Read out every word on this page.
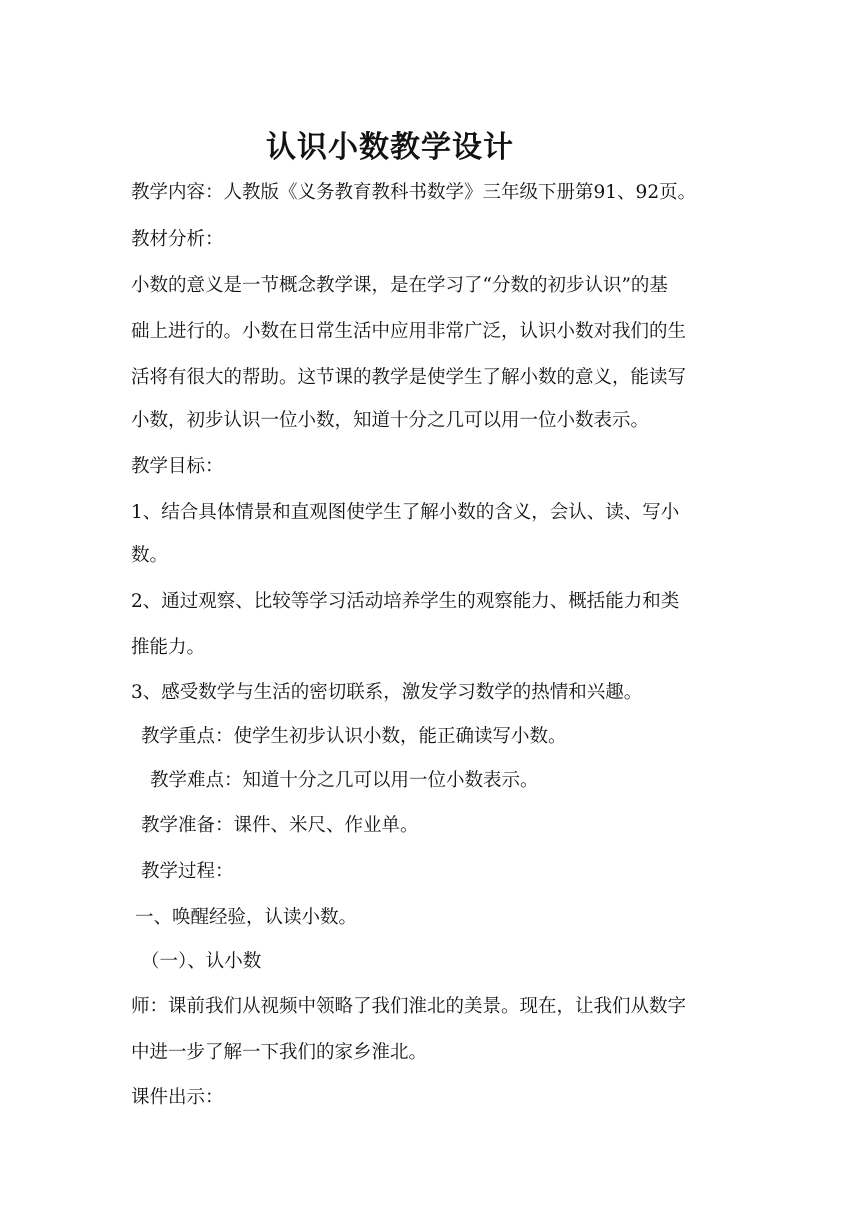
认识小数教学设计
教学内容：人教版《义务教育教科书数学》三年级下册第91、92页。
教材分析：
小数的意义是一节概念教学课，是在学习了“分数的初步认识”的基
础上进行的。小数在日常生活中应用非常广泛，认识小数对我们的生
活将有很大的帮助。这节课的教学是使学生了解小数的意义，能读写
小数，初步认识一位小数，知道十分之几可以用一位小数表示。
教学目标：
1、结合具体情景和直观图使学生了解小数的含义，会认、读、写小
数。
2、通过观察、比较等学习活动培养学生的观察能力、概括能力和类
推能力。
3、感受数学与生活的密切联系，激发学习数学的热情和兴趣。
教学重点：使学生初步认识小数，能正确读写小数。
教学难点：知道十分之几可以用一位小数表示。
教学准备：课件、米尺、作业单。
教学过程：
一、唤醒经验，认读小数。
（一）、认小数
师：课前我们从视频中领略了我们淮北的美景。现在，让我们从数字
中进一步了解一下我们的家乡淮北。
课件出示：
